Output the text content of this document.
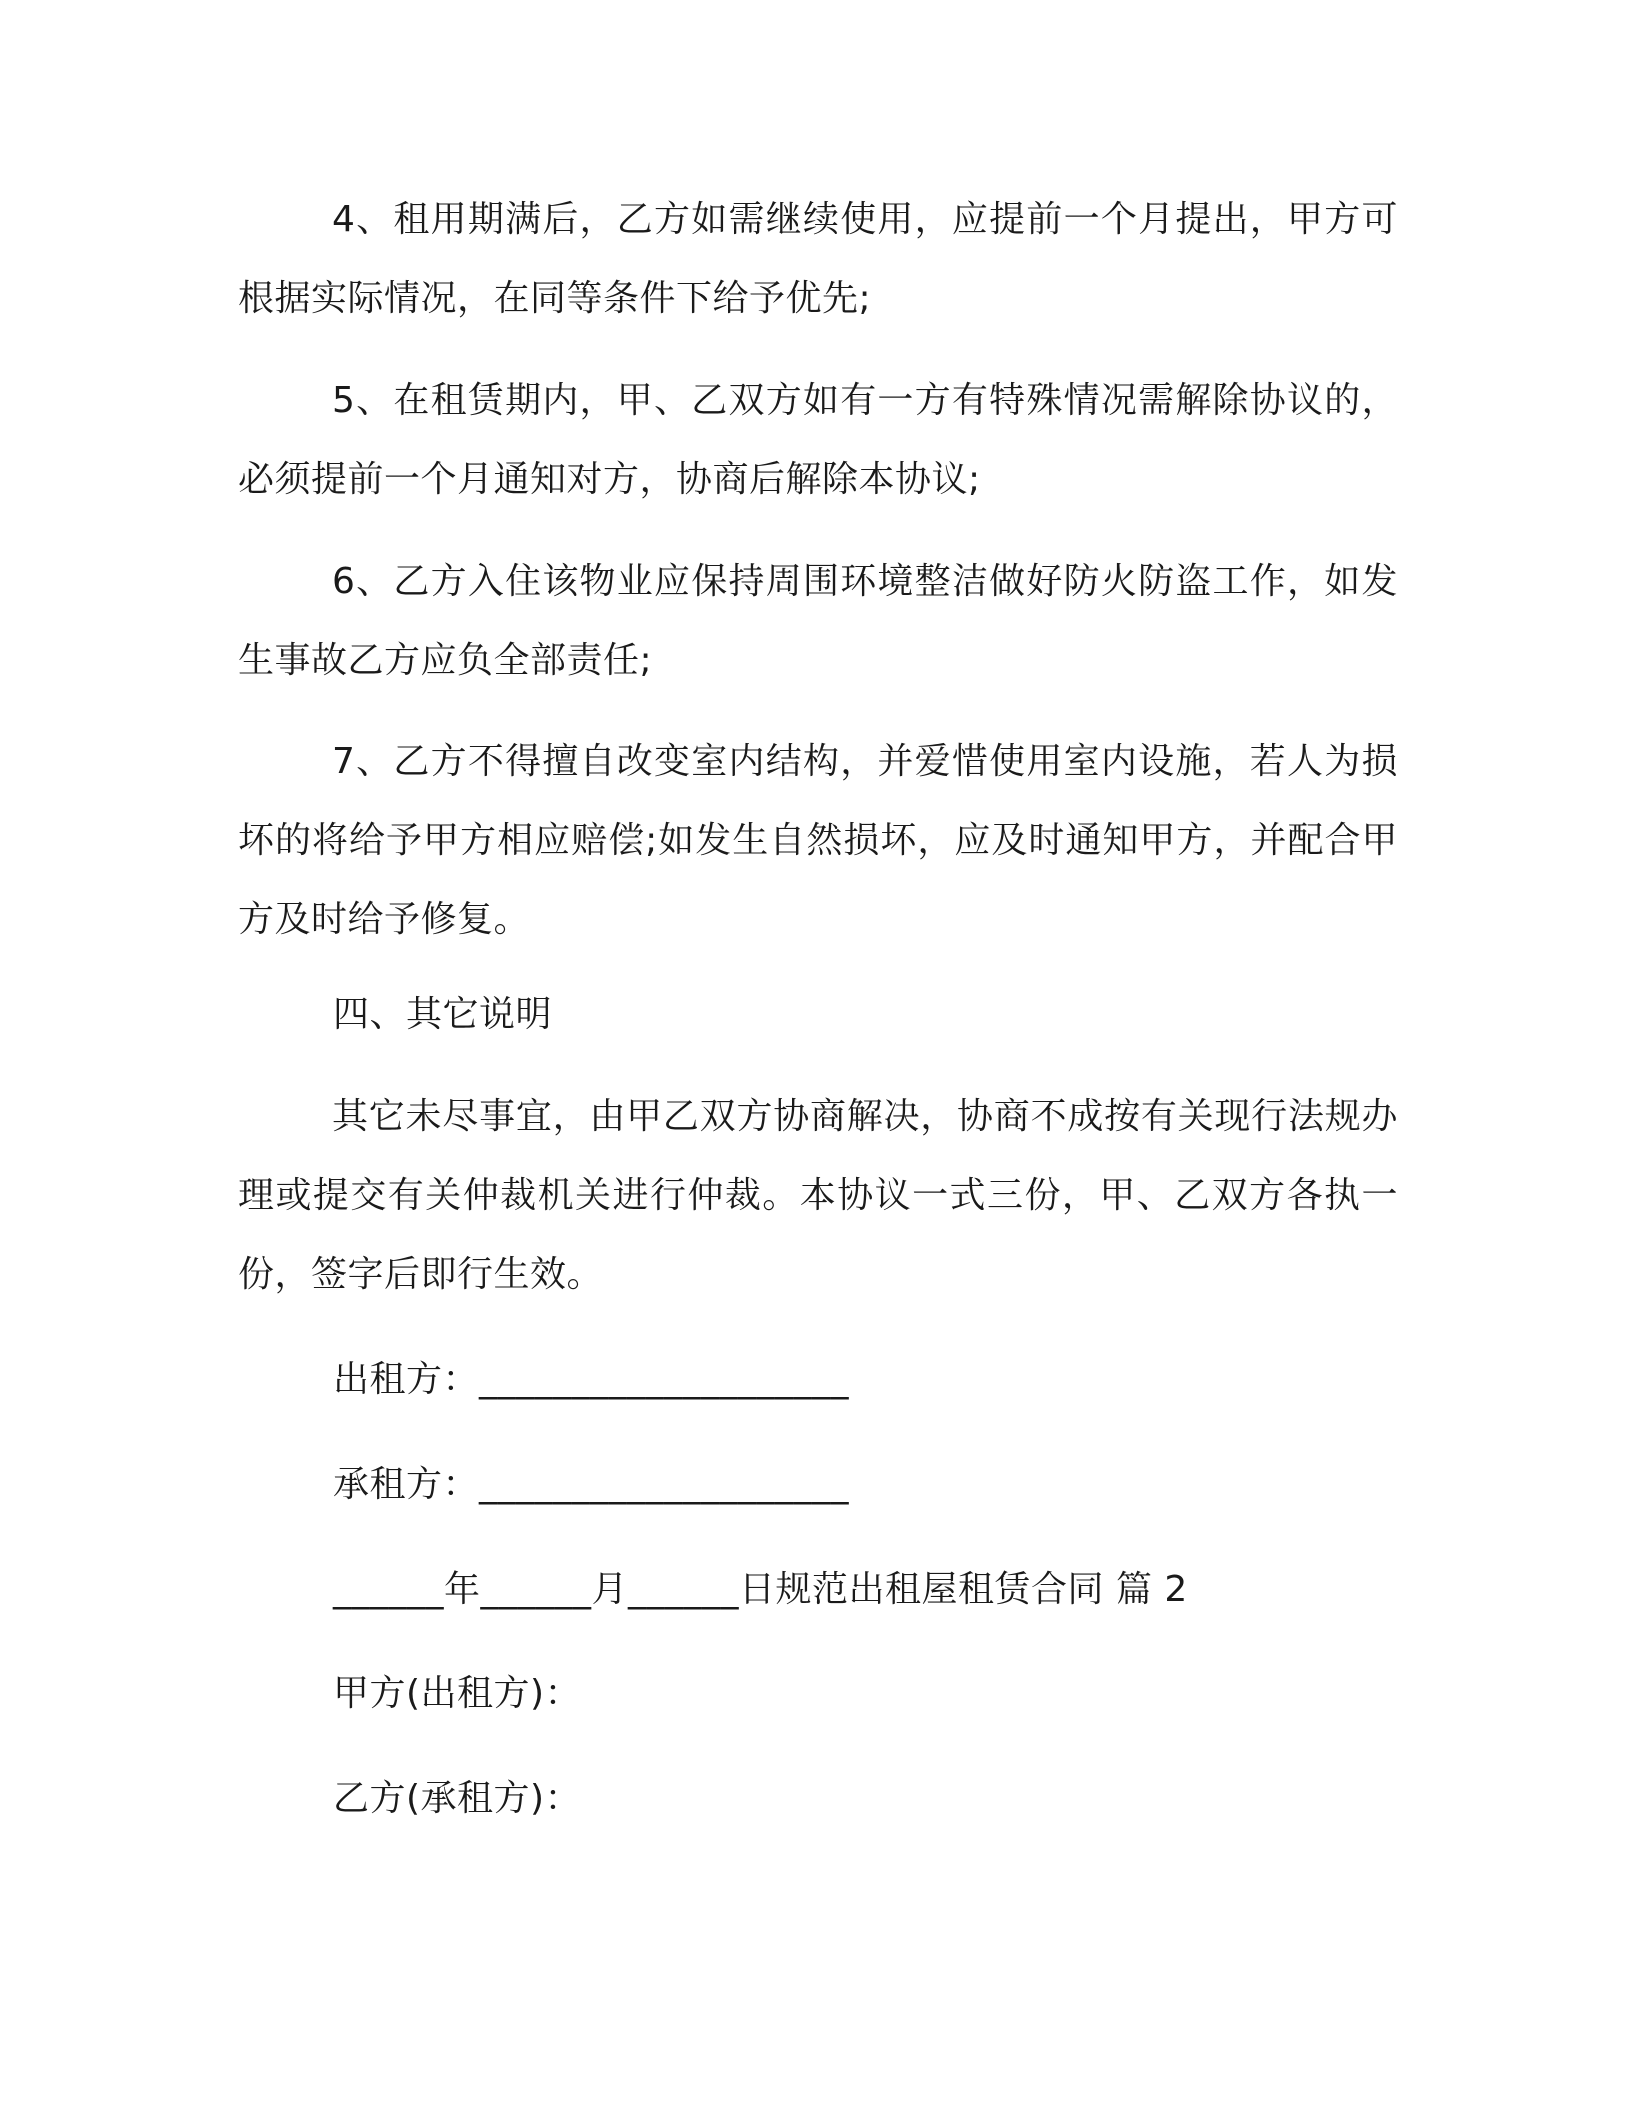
4、租用期满后，乙方如需继续使用，应提前一个月提出，甲方可根据实际情况，在同等条件下给予优先;

5、在租赁期内，甲、乙双方如有一方有特殊情况需解除协议的，必须提前一个月通知对方，协商后解除本协议;

6、乙方入住该物业应保持周围环境整洁做好防火防盗工作，如发生事故乙方应负全部责任;

7、乙方不得擅自改变室内结构，并爱惜使用室内设施，若人为损坏的将给予甲方相应赔偿;如发生自然损坏，应及时通知甲方，并配合甲方及时给予修复。

四、其它说明

其它未尽事宜，由甲乙双方协商解决，协商不成按有关现行法规办理或提交有关仲裁机关进行仲裁。本协议一式三份，甲、乙双方各执一份，签字后即行生效。

出租方：____________________
承租方：____________________
______年______月______日规范出租屋租赁合同 篇 2
甲方(出租方)：
乙方(承租方)：
